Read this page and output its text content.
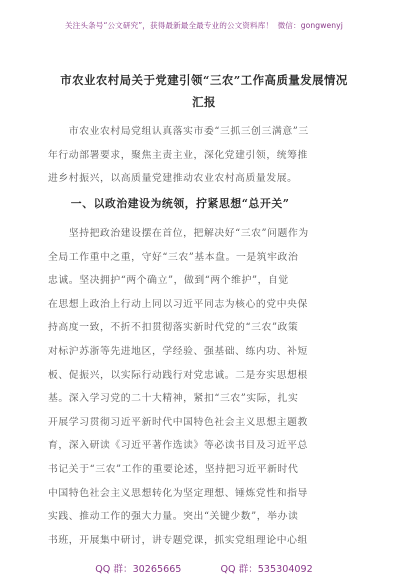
关注头条号“公文研究”，获得最新最全最专业的公文资料库！ 微信：gongwenyj
市农业农村局关于党建引领“三农”工作高质量发展情况
汇报

　　市农业农村局党组认真落实市委“三抓三创三满意”三

年行动部署要求，聚焦主责主业，深化党建引领，统筹推

进乡村振兴，以高质量党建推动农业农村高质量发展。

　　一、以政治建设为统领，拧紧思想“总开关”

　　坚持把政治建设摆在首位，把解决好“三农”问题作为

全局工作重中之重，守好“三农”基本盘。一是筑牢政治

忠诚。坚决拥护“两个确立”，做到“两个维护”，自觉

在思想上政治上行动上同以习近平同志为核心的党中央保

持高度一致，不折不扣贯彻落实新时代党的“三农”政策

对标沪苏浙等先进地区，学经验、强基础、练内功、补短

板、促振兴，以实际行动践行对党忠诚。二是夯实思想根

基。深入学习党的二十大精神，紧扣“三农”实际，扎实

开展学习贯彻习近平新时代中国特色社会主义思想主题教

育，深入研读《习近平著作选读》等必读书目及习近平总

书记关于“三农”工作的重要论述，坚持把习近平新时代

中国特色社会主义思想转化为坚定理想、锤炼党性和指导

实践、推动工作的强大力量。突出“关键少数”，举办读

书班，开展集中研讨，讲专题党课，抓实党组理论中心组

QQ 群：30265665	QQ 群：535304092
